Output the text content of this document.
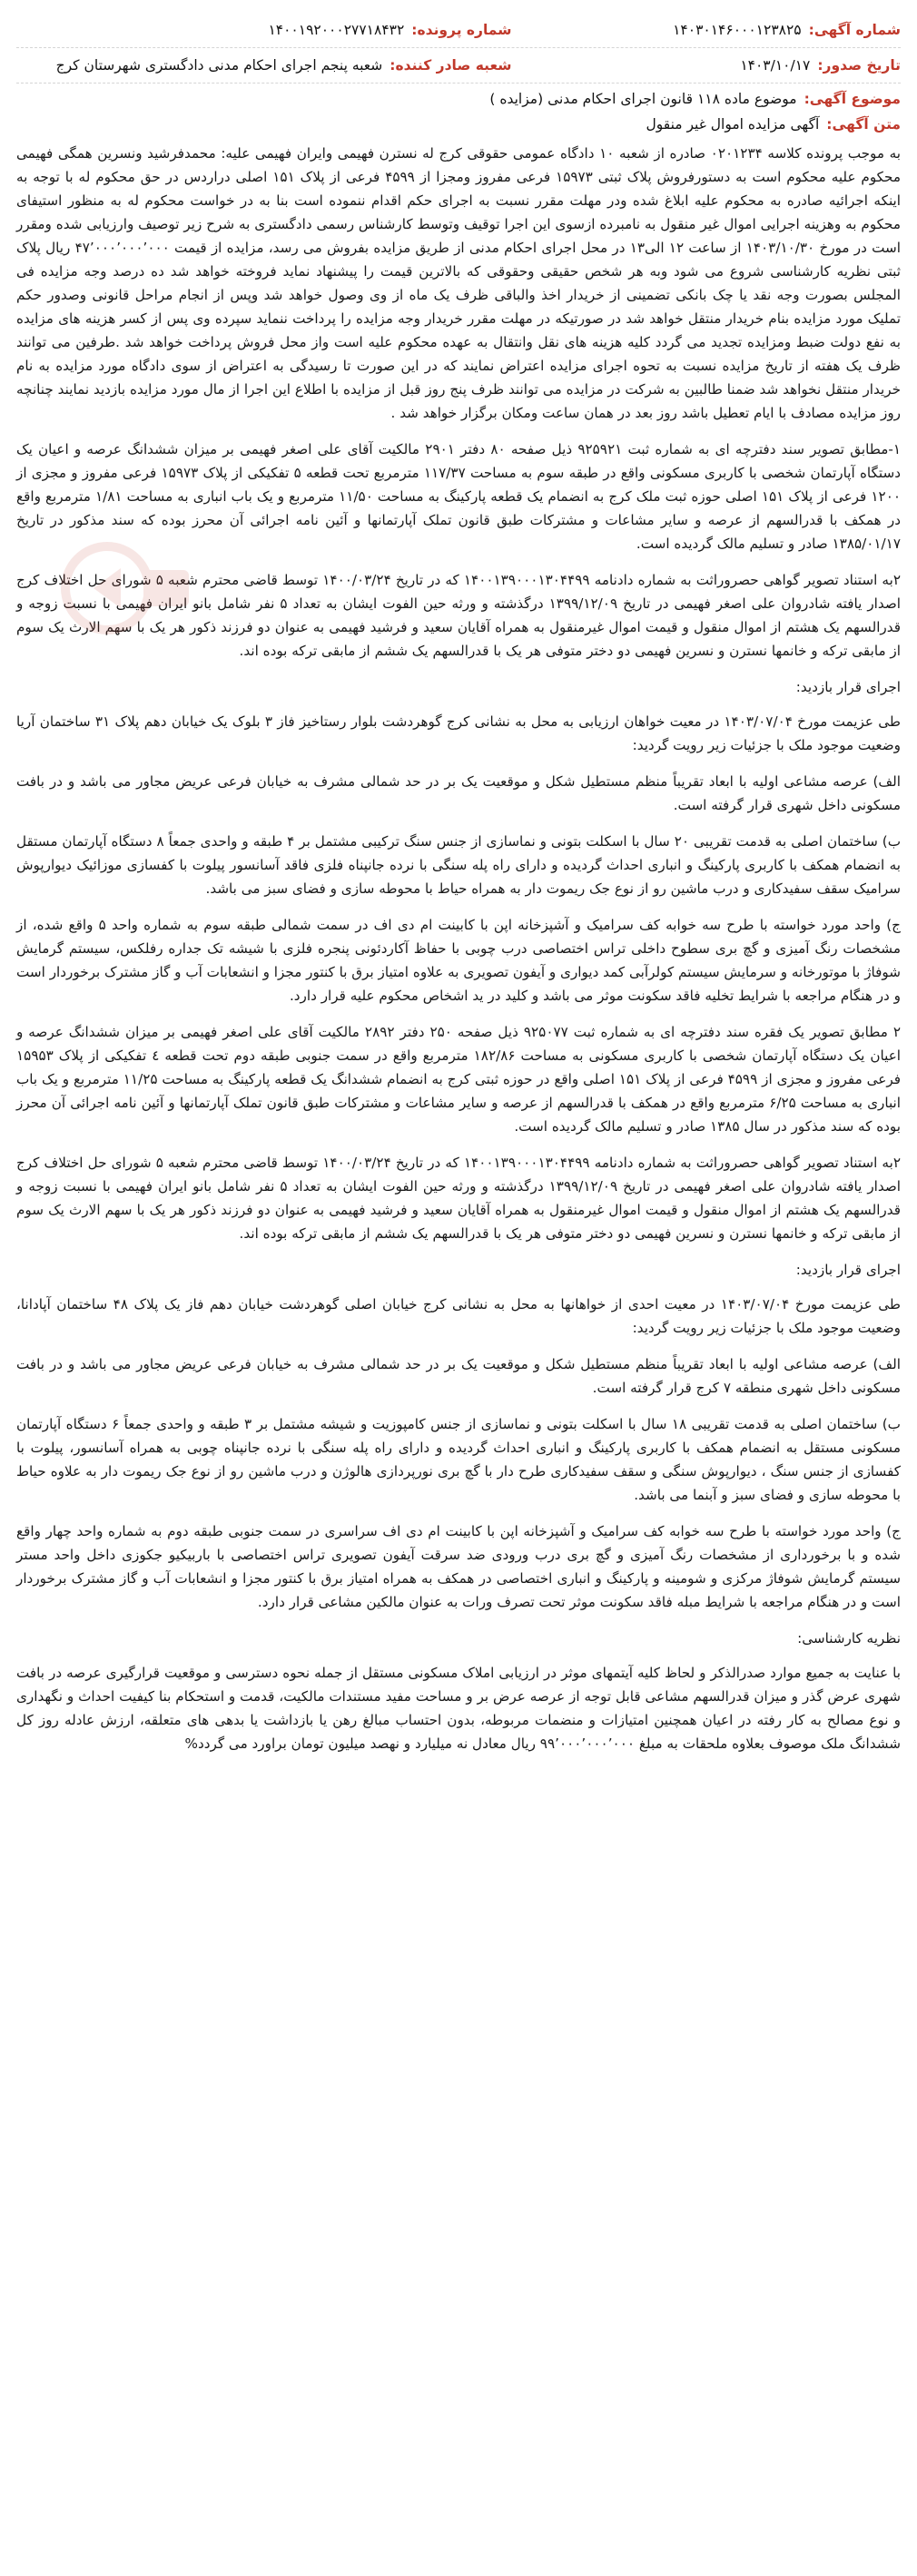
شماره آگهی:
۱۴۰۳۰۱۴۶۰۰۰۱۲۳۸۲۵
شماره پرونده:
۱۴۰۰۱۹۲۰۰۰۲۷۷۱۸۴۳۲
تاریخ صدور:
۱۴۰۳/۱۰/۱۷
شعبه صادر کننده:
شعبه پنجم اجرای احکام مدنی دادگستری شهرستان کرج
موضوع آگهی:
موضوع ماده ۱۱۸ قانون اجرای احکام مدنی (مزایده )
متن آگهی:
آگهی مزایده اموال غیر منقول

به موجب پرونده کلاسه ۰۲۰۱۲۳۴ صادره از شعبه ۱۰ دادگاه عمومی حقوقی کرج له نسترن فهیمی وایران فهیمی علیه: محمدفرشید ونسرین همگی فهیمی محکوم علیه محکوم است به دستورفروش پلاک ثبتی ۱۵۹۷۳ فرعی مفروز ومجزا از ۴۵۹۹ فرعی از پلاک ۱۵۱ اصلی دراردس در حق محکوم له با توجه به اینکه اجرائیه صادره به محکوم علیه ابلاغ شده ودر مهلت مقرر نسبت به اجرای حکم اقدام ننموده است بنا به در خواست محکوم له به منظور استیفای محکوم به وهزینه اجرایی اموال غیر منقول به نامبرده ازسوی این اجرا توقیف وتوسط کارشناس رسمی دادگستری به شرح زیر توصیف وارزیابی شده ومقرر است در مورخ ۱۴۰۳/۱۰/۳۰ از ساعت ۱۲ الی۱۳ در محل اجرای احکام مدنی از طریق مزایده بفروش می رسد، مزایده از قیمت ۴۷٬۰۰۰٬۰۰۰٬۰۰۰ ریال پلاک ثبتی نظریه کارشناسی شروع می شود وبه هر شخص حقیقی وحقوقی که بالاترین قیمت را پیشنهاد نماید فروخته خواهد شد ده درصد وجه مزایده فی المجلس بصورت وجه نقد یا چک بانکی تضمینی از خریدار اخذ والباقی ظرف یک ماه از وی وصول خواهد شد وپس از انجام مراحل قانونی وصدور حکم تملیک مورد مزایده بنام خریدار منتقل خواهد شد در صورتیکه در مهلت مقرر خریدار وجه مزایده را پرداخت ننماید سپرده وی پس از کسر هزینه های مزایده به نفع دولت ضبط ومزایده تجدید می گردد کلیه هزینه های نقل وانتقال به عهده محکوم علیه است واز محل فروش پرداخت خواهد شد .طرفین می توانند ظرف یک هفته از تاریخ مزایده نسبت به تحوه اجرای مزایده اعتراض نمایند که در این صورت تا رسیدگی به اعتراض از سوی دادگاه مورد مزایده به نام خریدار منتقل نخواهد شد ضمنا طالبین به شرکت در مزایده می توانند ظرف پنج روز قبل از مزایده با اطلاع این اجرا از مال مورد مزایده بازدید نمایند چنانچه روز مزایده مصادف با ایام تعطیل باشد روز بعد در همان ساعت ومکان برگزار خواهد شد .

۱-مطابق تصویر سند دفترچه ای به شماره ثبت ۹۲۵۹۲۱ ذیل صفحه ۸۰ دفتر ۲۹۰۱ مالکیت آقای علی اصغر فهیمی بر میزان ششدانگ عرصه و اعیان یک دستگاه آپارتمان شخصی با کاربری مسکونی واقع در طبقه سوم به مساحت ۱۱۷/۳۷ مترمربع تحت قطعه ۵ تفکیکی از پلاک ۱۵۹۷۳ فرعی مفروز و مجزی از ۱۲۰۰ فرعی از پلاک ۱۵۱ اصلی حوزه ثبت ملک کرج به انضمام یک قطعه پارکینگ به مساحت ۱۱/۵۰ مترمربع و یک باب انباری به مساحت ۱/۸۱ مترمربع واقع در همکف با قدرالسهم از عرصه و سایر مشاعات و مشترکات طبق قانون تملک آپارتمانها و آئین نامه اجرائی آن محرز بوده که سند مذکور در تاریخ ۱۳۸۵/۰۱/۱۷ صادر و تسلیم مالک گردیده است.

۲به استناد تصویر گواهی حصروراثت به شماره دادنامه ۱۴۰۰۱۳۹۰۰۰۱۳۰۴۴۹۹ که در تاریخ ۱۴۰۰/۰۳/۲۴ توسط قاضی محترم شعبه ۵ شورای حل اختلاف کرج اصدار یافته شادروان علی اصغر فهیمی در تاریخ ۱۳۹۹/۱۲/۰۹ درگذشته و ورثه حین الفوت ایشان به تعداد ۵ نفر شامل بانو ایران فهیمی با نسبت زوجه و قدرالسهم یک هشتم از اموال منقول و قیمت اموال غیرمنقول به همراه آقایان سعید و فرشید فهیمی به عنوان دو فرزند ذکور هر یک با سهم الارث یک سوم از مابقی ترکه و خانمها نسترن و نسرین فهیمی دو دختر متوفی هر یک با قدرالسهم یک ششم از مابقی ترکه بوده اند.

اجرای قرار بازدید:

طی عزیمت مورخ ۱۴۰۳/۰۷/۰۴ در معیت خواهان ارزیابی به محل به نشانی کرج گوهردشت بلوار رستاخیز فاز ۳ بلوک یک خیابان دهم پلاک ۳۱ ساختمان آریا وضعیت موجود ملک با جزئیات زیر رویت گردید:

الف) عرصه مشاعی اولیه با ابعاد تقریباً منظم مستطیل شکل و موقعیت یک بر در حد شمالی مشرف به خیابان فرعی عریض مجاور می باشد و در بافت مسکونی داخل شهری قرار گرفته است.

ب) ساختمان اصلی به قدمت تقریبی ۲۰ سال با اسکلت بتونی و نماسازی از جنس سنگ ترکیبی مشتمل بر ۴ طبقه و واحدی جمعاً ۸ دستگاه آپارتمان مستقل به انضمام همکف با کاربری پارکینگ و انباری احداث گردیده و دارای راه پله سنگی با نرده جانپناه فلزی فاقد آسانسور پیلوت با کفسازی موزائیک دیوارپوش سرامیک سقف سفیدکاری و درب ماشین رو از نوع جک ریموت دار به همراه حیاط با محوطه سازی و فضای سبز می باشد.

ج) واحد مورد خواسته با طرح سه خوابه کف سرامیک و آشپزخانه اپن با کابینت ام دی اف در سمت شمالی طبقه سوم به شماره واحد ۵ واقع شده، از مشخصات رنگ آمیزی و گچ بری سطوح داخلی تراس اختصاصی درب چوبی با حفاظ آکاردئونی پنجره فلزی با شیشه تک جداره رفلکس، سیستم گرمایش شوفاژ با موتورخانه و سرمایش سیستم کولرآبی کمد دیواری و آیفون تصویری به علاوه امتیاز برق با کنتور مجزا و انشعابات آب و گاز مشترک برخوردار است و در هنگام مراجعه با شرایط تخلیه فاقد سکونت موثر می باشد و کلید در ید اشخاص محکوم علیه قرار دارد.

۲ مطابق تصویر یک فقره سند دفترچه ای به شماره ثبت ۹۲۵۰۷۷ ذیل صفحه ۲۵۰ دفتر ۲۸۹۲ مالکیت آقای علی اصغر فهیمی بر میزان ششدانگ عرصه و اعیان یک دستگاه آپارتمان شخصی با کاربری مسکونی به مساحت ۱۸۲/۸۶ مترمربع واقع در سمت جنوبی طبقه دوم تحت قطعه ٤ تفکیکی از پلاک ۱۵۹۵۳ فرعی مفروز و مجزی از ۴۵۹۹ فرعی از پلاک ۱۵۱ اصلی واقع در حوزه ثبتی کرج به انضمام ششدانگ یک قطعه پارکینگ به مساحت ۱۱/۲۵ مترمربع و یک باب انباری به مساحت ۶/۲۵ مترمربع واقع در همکف با قدرالسهم از عرصه و سایر مشاعات و مشترکات طبق قانون تملک آپارتمانها و آئین نامه اجرائی آن محرز بوده که سند مذکور در سال ۱۳۸۵ صادر و تسلیم مالک گردیده است.

۲به استناد تصویر گواهی حصروراثت به شماره دادنامه ۱۴۰۰۱۳۹۰۰۰۱۳۰۴۴۹۹ که در تاریخ ۱۴۰۰/۰۳/۲۴ توسط قاضی محترم شعبه ۵ شورای حل اختلاف کرج اصدار یافته شادروان علی اصغر فهیمی در تاریخ ۱۳۹۹/۱۲/۰۹ درگذشته و ورثه حین الفوت ایشان به تعداد ۵ نفر شامل بانو ایران فهیمی با نسبت زوجه و قدرالسهم یک هشتم از اموال منقول و قیمت اموال غیرمنقول به همراه آقایان سعید و فرشید فهیمی به عنوان دو فرزند ذکور هر یک با سهم الارث یک سوم از مابقی ترکه و خانمها نسترن و نسرین فهیمی دو دختر متوفی هر یک با قدرالسهم یک ششم از مابقی ترکه بوده اند.

اجرای قرار بازدید:

طی عزیمت مورخ ۱۴۰۳/۰۷/۰۴ در معیت احدی از خواهانها به محل به نشانی کرج خیابان اصلی گوهردشت خیابان دهم فاز یک پلاک ۴۸ ساختمان آپادانا، وضعیت موجود ملک با جزئیات زیر رویت گردید:

الف) عرصه مشاعی اولیه با ابعاد تقریباً منظم مستطیل شکل و موقعیت یک بر در حد شمالی مشرف به خیابان فرعی عریض مجاور می باشد و در بافت مسکونی داخل شهری منطقه ۷ کرج قرار گرفته است.

ب) ساختمان اصلی به قدمت تقریبی ۱۸ سال با اسکلت بتونی و نماسازی از جنس کامپوزیت و شیشه مشتمل بر ۳ طبقه و واحدی جمعاً ۶ دستگاه آپارتمان مسکونی مستقل به انضمام همکف با کاربری پارکینگ و انباری احداث گردیده و دارای راه پله سنگی با نرده جانپناه چوبی به همراه آسانسور، پیلوت با کفسازی از جنس سنگ ، دیوارپوش سنگی و سقف سفیدکاری طرح دار با گچ بری نورپردازی هالوژن و درب ماشین رو از نوع جک ریموت دار به علاوه حیاط با محوطه سازی و فضای سبز و آبنما می باشد.

ج) واحد مورد خواسته با طرح سه خوابه کف سرامیک و آشپزخانه اپن با کابینت ام دی اف سراسری در سمت جنوبی طبقه دوم به شماره واحد چهار واقع شده و با برخورداری از مشخصات رنگ آمیزی و گچ بری درب ورودی ضد سرقت آیفون تصویری تراس اختصاصی با باربیکیو جکوزی داخل واحد مستر سیستم گرمایش شوفاژ مرکزی و شومینه و پارکینگ و انباری اختصاصی در همکف به همراه امتیاز برق با کنتور مجزا و انشعابات آب و گاز مشترک برخوردار است و در هنگام مراجعه با شرایط مبله فاقد سکونت موثر تحت تصرف ورات به عنوان مالکین مشاعی قرار دارد.

نظریه کارشناسی:

با عنایت به جمیع موارد صدرالذکر و لحاظ کلیه آیتمهای موثر در ارزیابی املاک مسکونی مستقل از جمله نحوه دسترسی و موقعیت قرارگیری عرصه در بافت شهری عرض گذر و میزان قدرالسهم مشاعی قابل توجه از عرصه عرض بر و مساحت مفید مستندات مالکیت، قدمت و استحکام بنا کیفیت احداث و نگهداری و نوع مصالح به کار رفته در اعیان همچنین امتیازات و منضمات مربوطه، بدون احتساب مبالغ رهن یا بازداشت یا بدهی های متعلقه، ارزش عادله روز کل ششدانگ ملک موصوف بعلاوه ملحقات به مبلغ ۹۹٬۰۰۰٬۰۰۰٬۰۰۰ ریال معادل نه میلیارد و نهصد میلیون تومان براورد می گردد%
